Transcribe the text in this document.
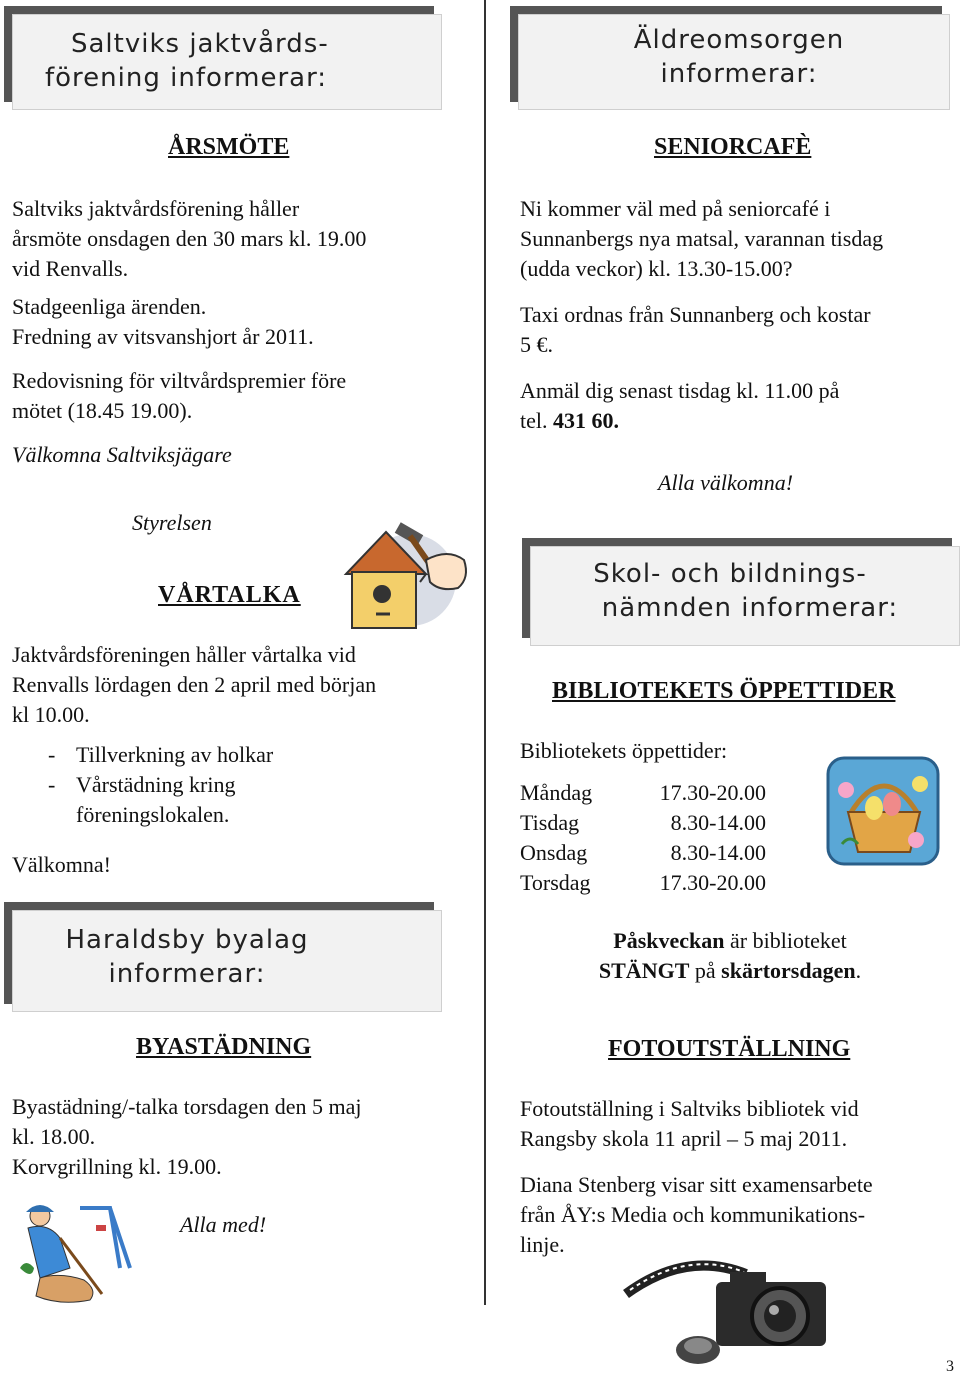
Saltviks jaktvårds-
förening informerar:
ÅRSMÖTE

Saltviks jaktvårdsförening håller

årsmöte onsdagen den 30 mars kl. 19.00

vid Renvalls.

Stadgeenliga ärenden.

Fredning av vitsvanshjort år 2011.

Redovisning för viltvårdspremier före

mötet (18.45 19.00).

Välkomna Saltviksjägare

Styrelsen
VÅRTALKA

Jaktvårdsföreningen håller vårtalka vid

Renvalls lördagen den 2 april med början

kl 10.00.

- Tillverkning av holkar
- Vårstädning kring

föreningslokalen.

Välkomna!

Haraldsby byalag
informerar:
BYASTÄDNING

Byastädning/-talka torsdagen den 5 maj

kl. 18.00.

Korvgrillning kl. 19.00.

Alla med!
Äldreomsorgen
informerar:
SENIORCAFÈ

Ni kommer väl med på seniorcafé i

Sunnanbergs nya matsal, varannan tisdag

(udda veckor) kl. 13.30-15.00?

Taxi ordnas från Sunnanberg och kostar

5 €.

Anmäl dig senast tisdag kl. 11.00 på

tel. 431 60.

Alla välkomna!
Skol- och bildnings-
nämnden informerar:
BIBLIOTEKETS ÖPPETTIDER
Bibliotekets öppettider:
Måndag	17.30-20.00
Tisdag	8.30-14.00
Onsdag	8.30-14.00
Torsdag	17.30-20.00

Påskveckan är biblioteket

STÄNGT på skärtorsdagen.

FOTOUTSTÄLLNING

Fotoutställning i Saltviks bibliotek vid

Rangsby skola 11 april – 5 maj 2011.

Diana Stenberg visar sitt examensarbete

från ÅY:s Media och kommunikations-

linje.

3
